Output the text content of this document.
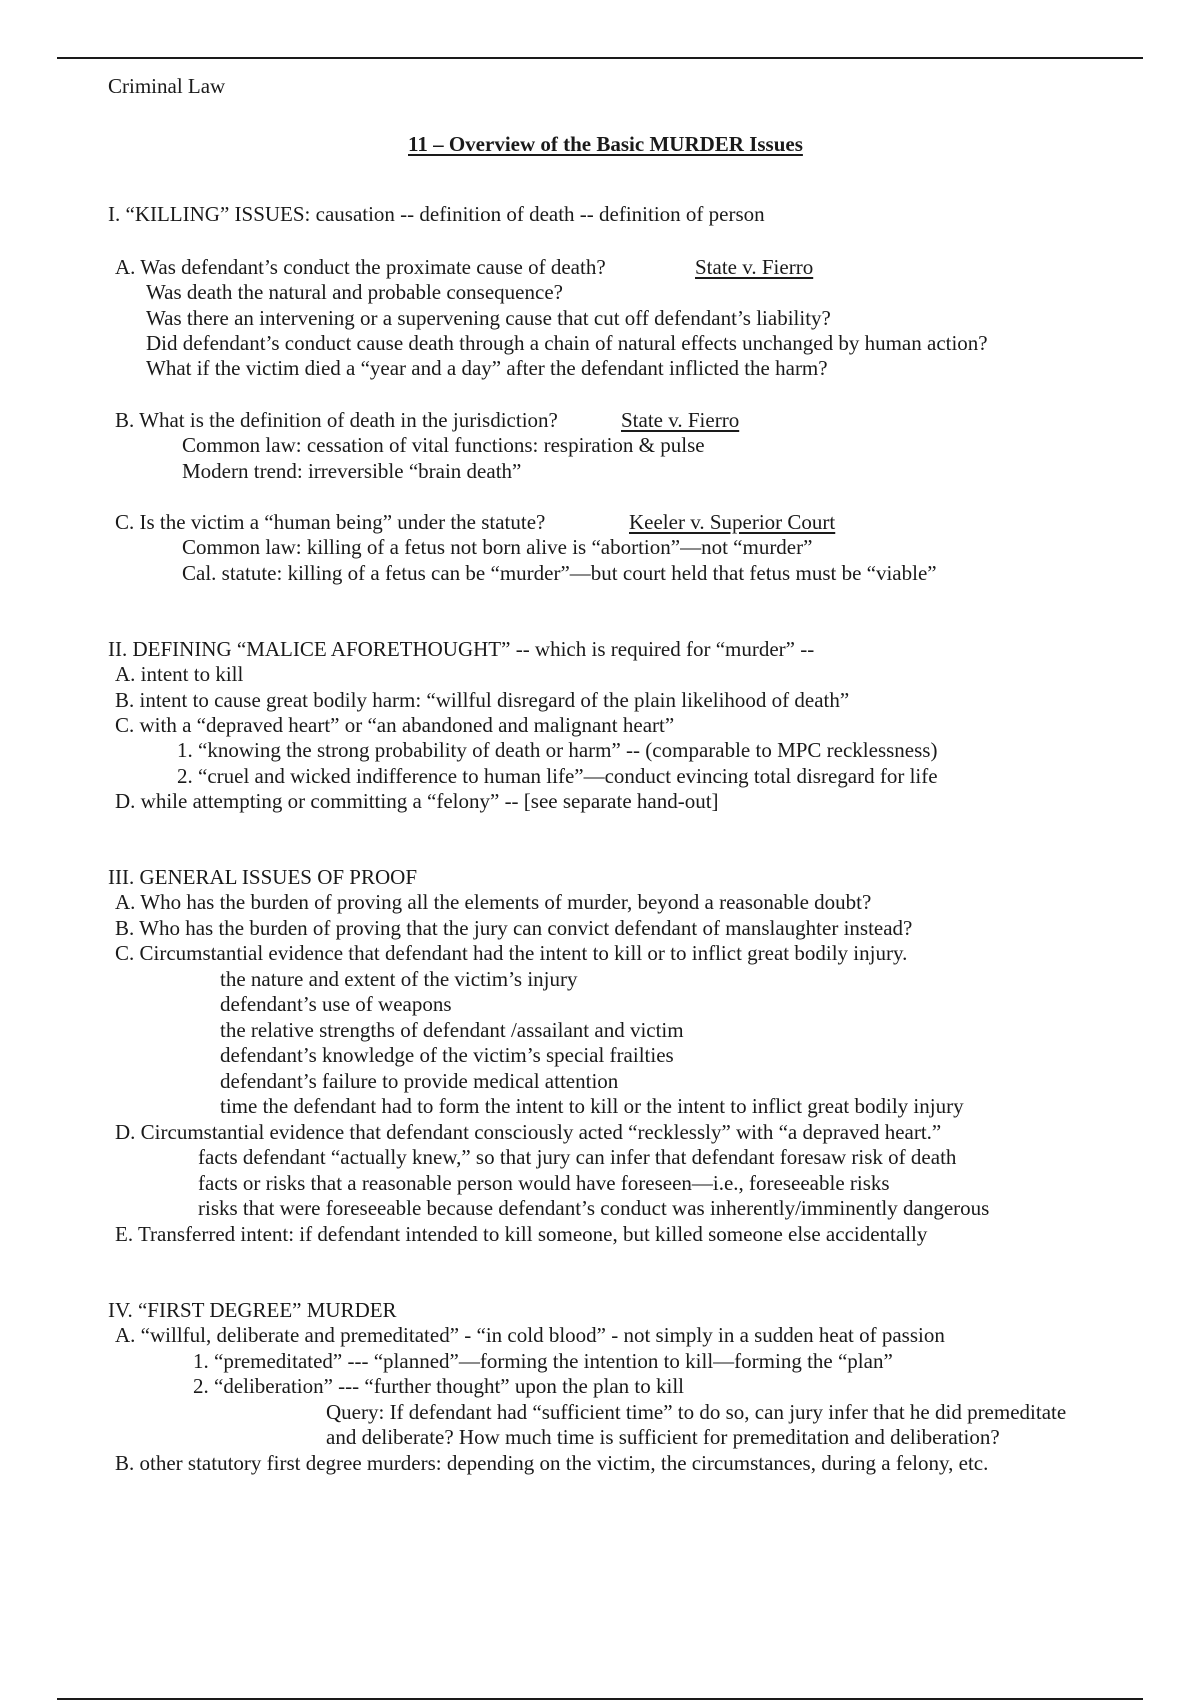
Criminal Law
11 – Overview of the Basic MURDER Issues
I. “KILLING” ISSUES: causation -- definition of death -- definition of person
A. Was defendant’s conduct the proximate cause of death?	State v. Fierro
Was death the natural and probable consequence?
Was there an intervening or a supervening cause that cut off defendant’s liability?
Did defendant’s conduct cause death through a chain of natural effects unchanged by human action?
What if the victim died a “year and a day” after the defendant inflicted the harm?
B. What is the definition of death in the jurisdiction?	State v. Fierro
Common law: cessation of vital functions: respiration & pulse
Modern trend: irreversible “brain death”
C. Is the victim a “human being” under the statute?	Keeler v. Superior Court
Common law: killing of a fetus not born alive is “abortion”—not “murder”
Cal. statute: killing of a fetus can be “murder”—but court held that fetus must be “viable”
II. DEFINING “MALICE AFORETHOUGHT” -- which is required for “murder” --
A. intent to kill
B. intent to cause great bodily harm: “willful disregard of the plain likelihood of death”
C. with a “depraved heart” or “an abandoned and malignant heart”
1. “knowing the strong probability of death or harm” -- (comparable to MPC recklessness)
2. “cruel and wicked indifference to human life”—conduct evincing total disregard for life
D. while attempting or committing a “felony” -- [see separate hand-out]
III. GENERAL ISSUES OF PROOF
A. Who has the burden of proving all the elements of murder, beyond a reasonable doubt?
B. Who has the burden of proving that the jury can convict defendant of manslaughter instead?
C. Circumstantial evidence that defendant had the intent to kill or to inflict great bodily injury.
the nature and extent of the victim’s injury
defendant’s use of weapons
the relative strengths of defendant /assailant and victim
defendant’s knowledge of the victim’s special frailties
defendant’s failure to provide medical attention
time the defendant had to form the intent to kill or the intent to inflict great bodily injury
D. Circumstantial evidence that defendant consciously acted “recklessly” with “a depraved heart.”
facts defendant “actually knew,” so that jury can infer that defendant foresaw risk of death
facts or risks that a reasonable person would have foreseen—i.e., foreseeable risks
risks that were foreseeable because defendant’s conduct was inherently/imminently dangerous
E. Transferred intent: if defendant intended to kill someone, but killed someone else accidentally
IV. “FIRST DEGREE” MURDER
A. “willful, deliberate and premeditated” - “in cold blood” - not simply in a sudden heat of passion
1. “premeditated” --- “planned”—forming the intention to kill—forming the “plan”
2. “deliberation” --- “further thought” upon the plan to kill
Query: If defendant had “sufficient time” to do so, can jury infer that he did premeditate
and deliberate? How much time is sufficient for premeditation and deliberation?
B. other statutory first degree murders: depending on the victim, the circumstances, during a felony, etc.
